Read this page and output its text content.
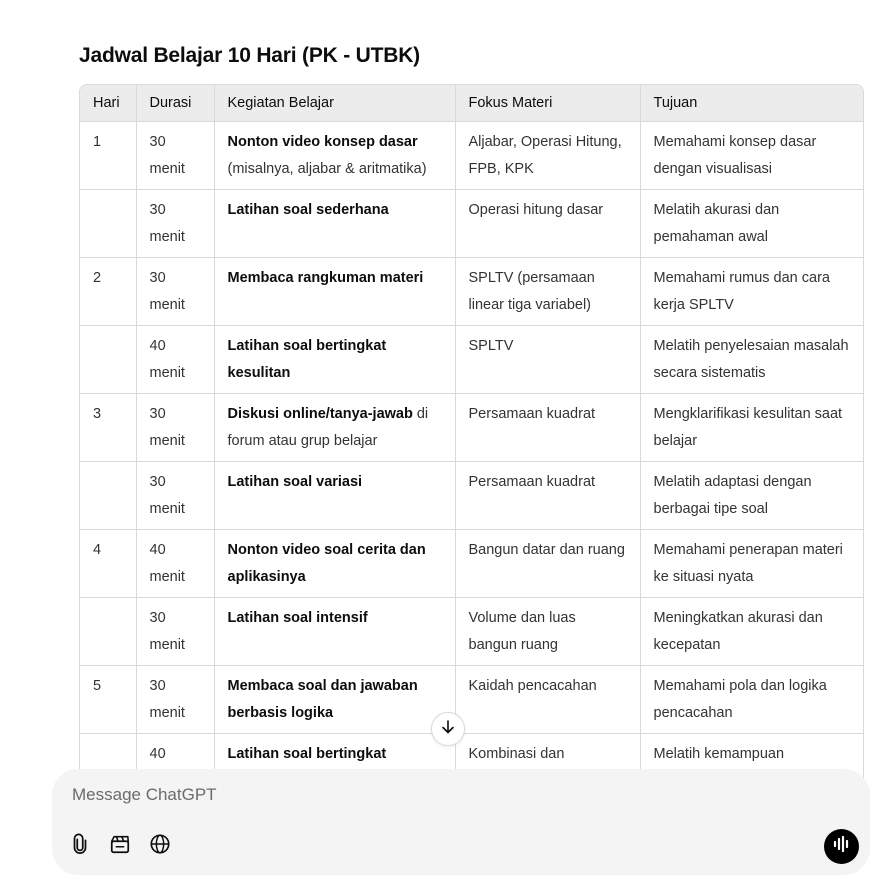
Jadwal Belajar 10 Hari (PK - UTBK)
Hari	Durasi	Kegiatan Belajar	Fokus Materi	Tujuan
1	30 menit	Nonton video konsep dasar (misalnya, aljabar & aritmatika)	Aljabar, Operasi Hitung, FPB, KPK	Memahami konsep dasar dengan visualisasi
	30 menit	Latihan soal sederhana	Operasi hitung dasar	Melatih akurasi dan pemahaman awal
2	30 menit	Membaca rangkuman materi	SPLTV (persamaan linear tiga variabel)	Memahami rumus dan cara kerja SPLTV
	40 menit	Latihan soal bertingkat kesulitan	SPLTV	Melatih penyelesaian masalah secara sistematis
3	30 menit	Diskusi online/tanya-jawab di forum atau grup belajar	Persamaan kuadrat	Mengklarifikasi kesulitan saat belajar
	30 menit	Latihan soal variasi	Persamaan kuadrat	Melatih adaptasi dengan berbagai tipe soal
4	40 menit	Nonton video soal cerita dan aplikasinya	Bangun datar dan ruang	Memahami penerapan materi ke situasi nyata
	30 menit	Latihan soal intensif	Volume dan luas bangun ruang	Meningkatkan akurasi dan kecepatan
5	30 menit	Membaca soal dan jawaban berbasis logika	Kaidah pencacahan	Memahami pola dan logika pencacahan
	40	Latihan soal bertingkat	Kombinasi dan	Melatih kemampuan
Message ChatGPT
